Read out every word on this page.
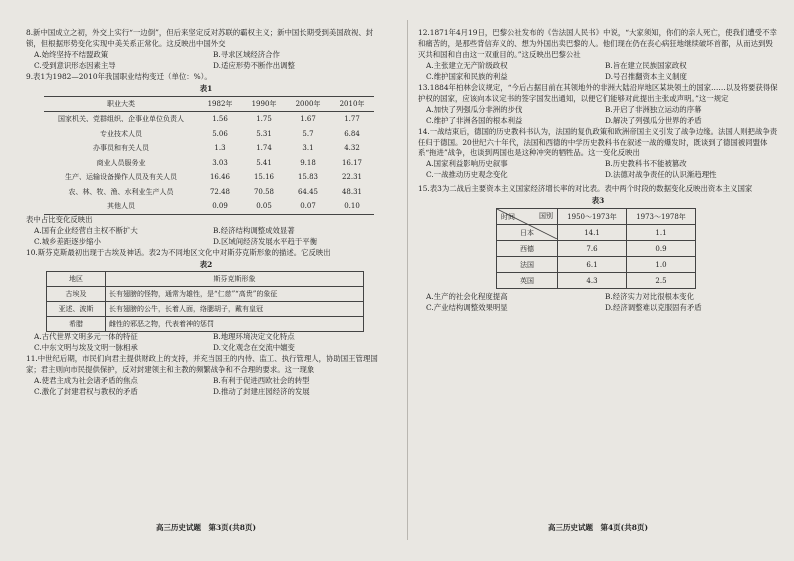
8.新中国成立之初，外交上实行“一边倒”，但后来坚定反对苏联的霸权主义；新中国长期受到美国敌视、封锁，但根据形势变化实现中美关系正常化。这反映出中国外交

A.始终坚持不结盟政策	B.寻求区域经济合作
C.受到意识形态因素主导	D.适应形势不断作出调整

9.表1为1982—2010年我国职业结构变迁（单位：%）。

表1
职业大类	1982年	1990年	2000年	2010年
国家机关、党群组织、企事业单位负责人	1.56	1.75	1.67	1.77
专业技术人员	5.06	5.31	5.7	6.84
办事员和有关人员	1.3	1.74	3.1	4.32
商业人员服务业	3.03	5.41	9.18	16.17
生产、运输设备操作人员及有关人员	16.46	15.16	15.83	22.31
农、林、牧、渔、水利业生产人员	72.48	70.58	64.45	48.31
其他人员	0.09	0.05	0.07	0.10

表中占比变化反映出

A.国有企业经营自主权不断扩大	B.经济结构调整成效显著
C.城乡差距逐步缩小	D.区域间经济发展水平趋于平衡

10.斯芬克斯最初出现于古埃及神话。表2为不同地区文化中对斯芬克斯形象的描述。它反映出

表2
地区	斯芬克斯形象
古埃及	长有翅膀的怪物，通常为雄性，是“仁慈”“高贵”的象征
亚述、波斯	长有翅膀的公牛，长着人面，络腮胡子，戴有皇冠
希腊	雌性的邪恶之物，代表着神的惩罚
A.古代世界文明多元一体的特征	B.地理环境决定文化特点
C.中东文明与埃及文明一脉相承	D.文化观念在交流中嬗变

11.中世纪后期，市民们向君主提供财政上的支持，并充当国王的内侍、监工、执行管理人，协助国王管理国家；君主则向市民提供保护，反对封建领主和主教的频繁战争和不合理的要求。这一现象

A.使君主成为社会诸矛盾的焦点	B.有利于促进西欧社会的转型
C.激化了封建君权与教权的矛盾	D.推动了封建庄园经济的发展
高三历史试题　第3页(共8页)

12.1871年4月19日，巴黎公社发布的《告法国人民书》中说，“大家须知，你们的亲人死亡，使我们遭受不幸和痛苦的，是那些背信弃义的、想为外国出卖巴黎的人。他们现在仍在丧心病狂地继续破坏首都，从而达到毁灭共和国和自由这一双重目的。”这反映出巴黎公社

A.主张建立无产阶级政权	B.旨在建立民族国家政权
C.维护国家和民族的利益	D.号召推翻资本主义制度

13.1884年柏林会议规定，“今后占据目前在其领地外的非洲大陆沿岸地区某块领土的国家……以及将要获得保护权的国家，应该向本议定书的签字国发出通知，以便它们能够对此提出主张或声明。”这一规定

A.加快了列强瓜分非洲的步伐	B.开启了非洲独立运动的序幕
C.维护了非洲各国的根本利益	D.解决了列强瓜分世界的矛盾

14.一战结束后，德国的历史教科书认为，法国的复仇政策和欧洲帝国主义引发了战争边缘。法国人则把战争责任归于德国。20世纪六十年代，法国和西德的中学历史教科书在叙述一战的爆发时，既谈到了德国被同盟体系“拖进”战争，也谈到两国也是这种冲突的牺牲品。这一变化反映出

A.国家利益影响历史叙事	B.历史教科书不能被篡改
C.一战推动历史观念变化	D.法德对战争责任的认识渐趋理性

15.表3为二战后主要资本主义国家经济增长率的对比表。表中两个时段的数据变化反映出资本主义国家

表3
国别
时间	1950～1973年	1973～1978年
日本	14.1	1.1
西德	7.6	0.9
法国	6.1	1.0
英国	4.3	2.5
A.生产的社会化程度提高	B.经济实力对比很根本变化
C.产业结构调整效果明显	D.经济调整难以克服固有矛盾
高三历史试题　第4页(共8页)
